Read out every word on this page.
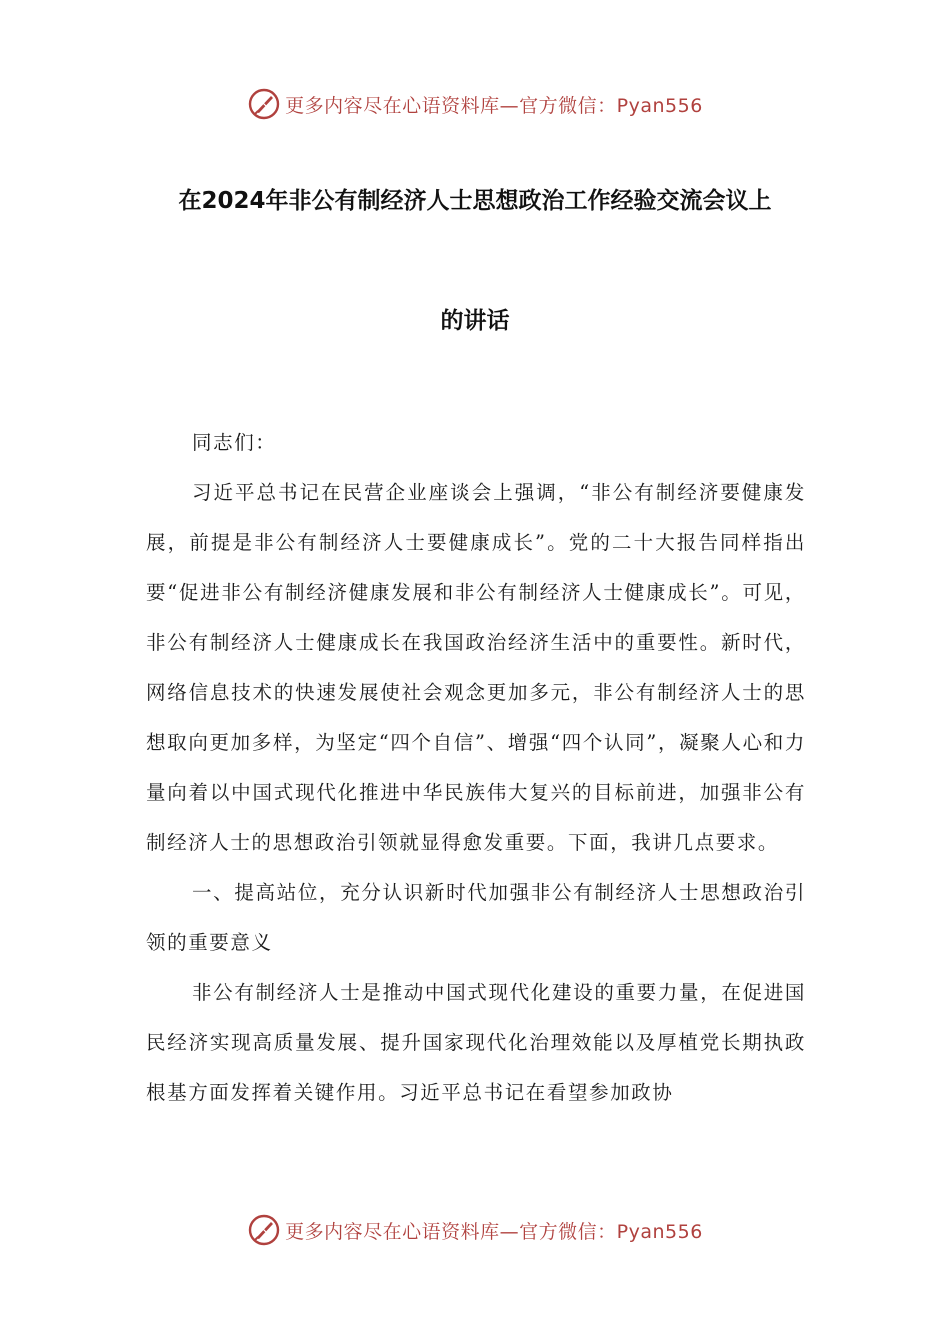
更多内容尽在心语资料库 —官方微信：Pyan556
在2024年非公有制经济人士思想政治工作经验交流会议上
的讲话

同志们：

习近平总书记在民营企业座谈会上强调，“非公有制经济要健康发展，前提是非公有制经济人士要健康成长”。党的二十大报告同样指出要“促进非公有制经济健康发展和非公有制经济人士健康成长”。可见，非公有制经济人士健康成长在我国政治经济生活中的重要性。新时代，网络信息技术的快速发展使社会观念更加多元，非公有制经济人士的思想取向更加多样，为坚定“四个自信”、增强“四个认同”，凝聚人心和力量向着以中国式现代化推进中华民族伟大复兴的目标前进，加强非公有制经济人士的思想政治引领就显得愈发重要。下面，我讲几点要求。

一、提高站位，充分认识新时代加强非公有制经济人士思想政治引领的重要意义

非公有制经济人士是推动中国式现代化建设的重要力量，在促进国民经济实现高质量发展、提升国家现代化治理效能以及厚植党长期执政根基方面发挥着关键作用。习近平总书记在看望参加政协

更多内容尽在心语资料库 —官方微信：Pyan556
